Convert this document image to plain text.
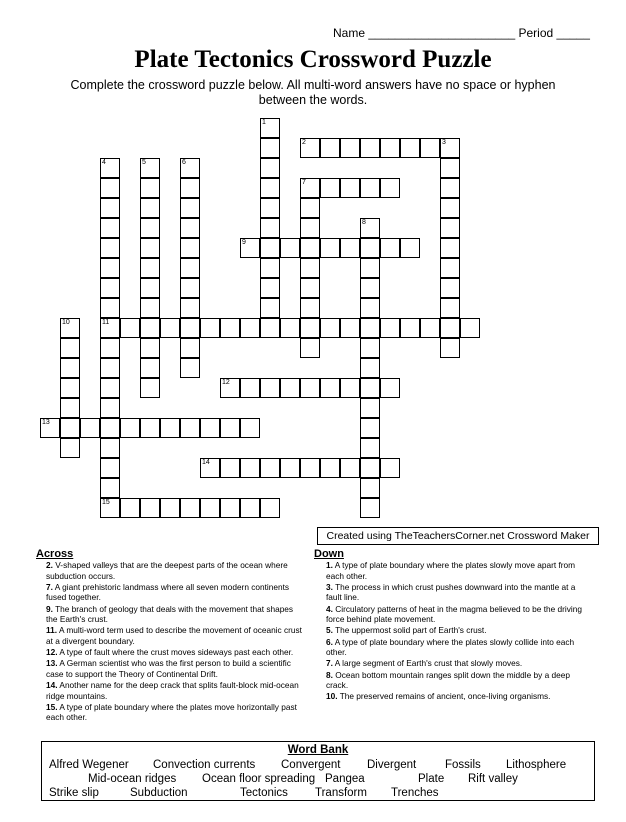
Name ______________________ Period _____
Plate Tectonics Crossword Puzzle
Complete the crossword puzzle below. All multi-word answers have no space or hyphen between the words.
1
2	3
4
11
5	6
7
8
9
10
12
13
14
15
Created using TheTeachersCorner.net Crossword Maker
Across
2. V-shaped valleys that are the deepest parts of the ocean where subduction occurs.
7. A giant prehistoric landmass where all seven modern continents fused together.
9. The branch of geology that deals with the movement that shapes the Earth's crust.
11. A multi-word term used to describe the movement of oceanic crust at a divergent boundary.
12. A type of fault where the crust moves sideways past each other.
13. A German scientist who was the first person to build a scientific case to support the Theory of Continental Drift.
14. Another name for the deep crack that splits fault-block mid-ocean ridge mountains.
15. A type of plate boundary where the plates move horizontally past each other.
Down
1. A type of plate boundary where the plates slowly move apart from each other.
3. The process in which crust pushes downward into the mantle at a fault line.
4. Circulatory patterns of heat in the magma believed to be the driving force behind plate movement.
5. The uppermost solid part of Earth's crust.
6. A type of plate boundary where the plates slowly collide into each other.
7. A large segment of Earth's crust that slowly moves.
8. Ocean bottom mountain ranges split down the middle by a deep crack.
10. The preserved remains of ancient, once-living organisms.
Word Bank
Alfred Wegener Convection currents Convergent Divergent	Fossils Lithosphere
Mid-ocean ridges Ocean floor spreading Pangea	Plate Rift valley
Strike slip	Subduction	Tectonics Transform Trenches
